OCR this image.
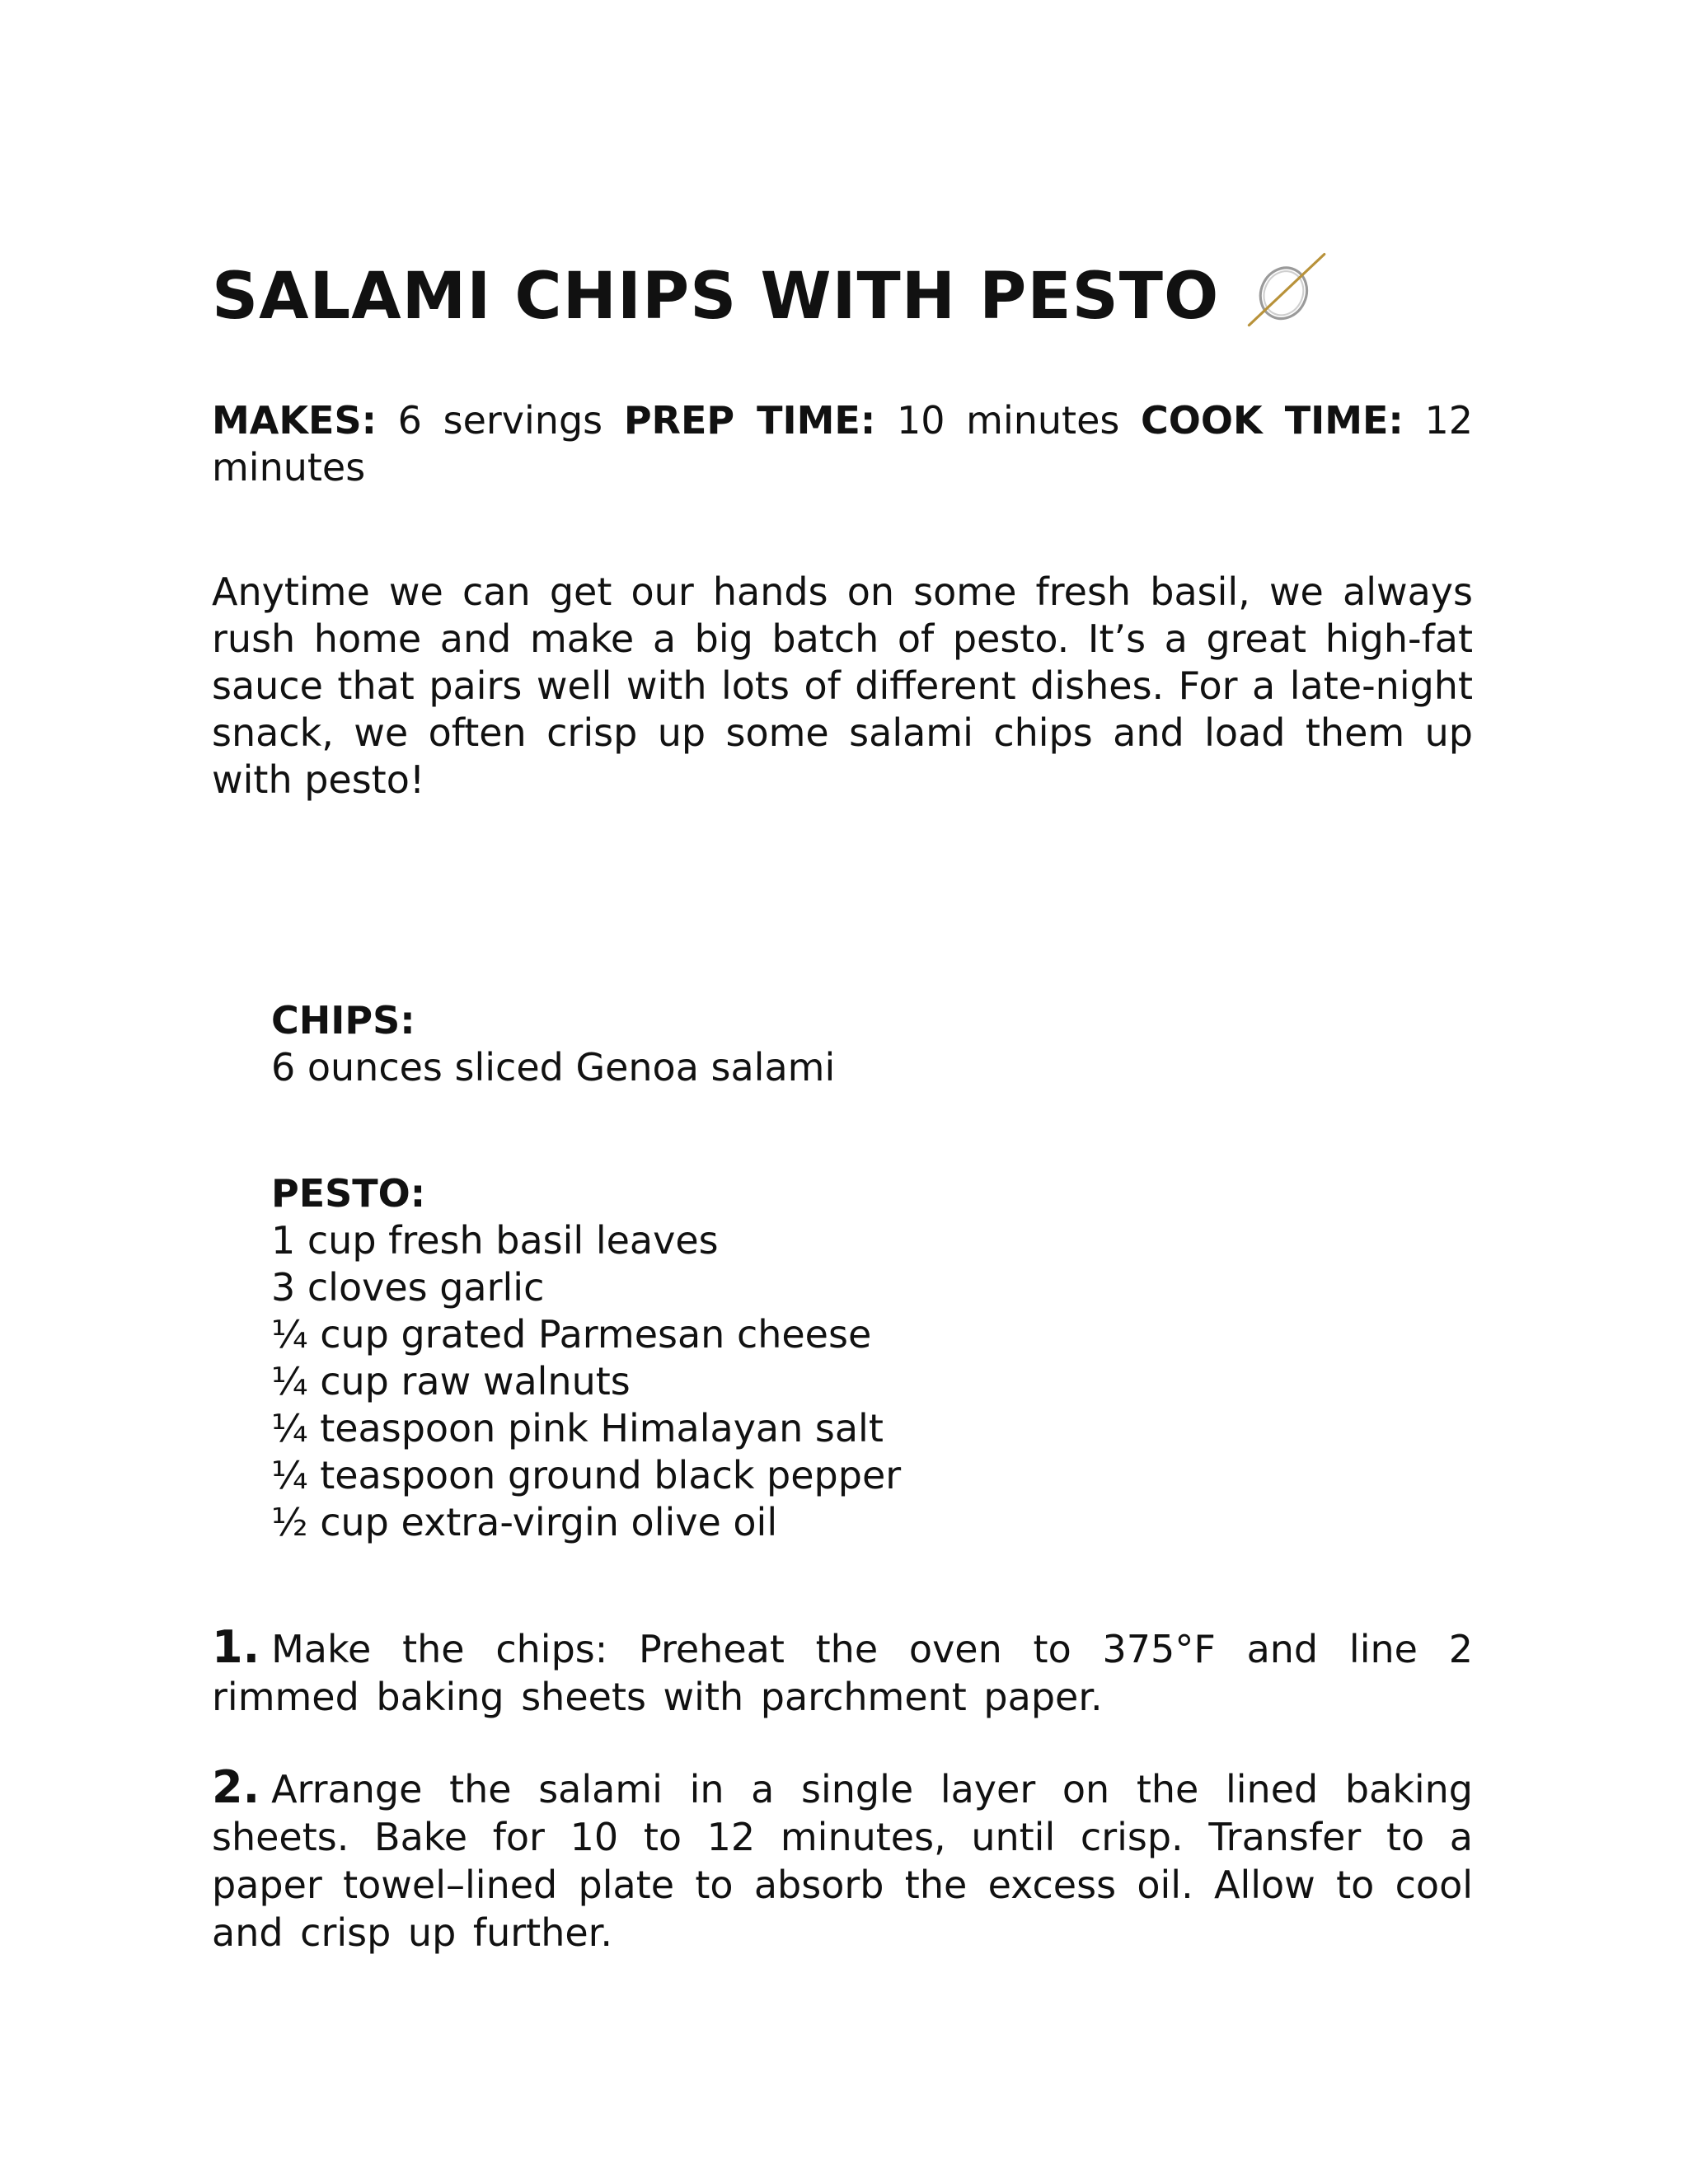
SALAMI CHIPS WITH PESTO
MAKES: 6 servings PREP TIME: 10 minutes COOK TIME: 12 minutes

Anytime we can get our hands on some fresh basil, we always rush home and make a big batch of pesto. It’s a great high-fat sauce that pairs well with lots of different dishes. For a late-night snack, we often crisp up some salami chips and load them up with pesto!

CHIPS:
6 ounces sliced Genoa salami
PESTO:
1 cup fresh basil leaves
3 cloves garlic
¼ cup grated Parmesan cheese
¼ cup raw walnuts
¼ teaspoon pink Himalayan salt
¼ teaspoon ground black pepper
½ cup extra-virgin olive oil

1. Make the chips: Preheat the oven to 375°F and line 2 rimmed baking sheets with parchment paper.

2. Arrange the salami in a single layer on the lined baking sheets. Bake for 10 to 12 minutes, until crisp. Transfer to a paper towel–lined plate to absorb the excess oil. Allow to cool and crisp up further.
